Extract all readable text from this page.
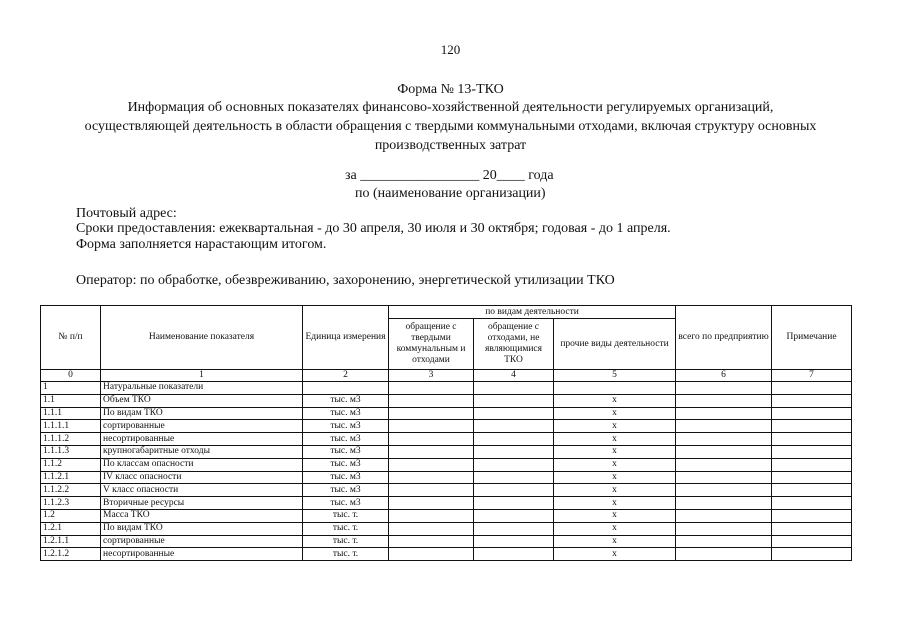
120
Форма № 13-ТКО
Информация об основных показателях финансово-хозяйственной деятельности регулируемых организаций,
осуществляющей деятельность в области обращения с твердыми коммунальными отходами, включая структуру основных
производственных затрат
за _________________ 20____ года
по (наименование организации)
Почтовый адрес:
Сроки предоставления: ежеквартальная - до 30 апреля, 30 июля и 30 октября; годовая - до 1 апреля.
Форма заполняется нарастающим итогом.
Оператор: по обработке, обезвреживанию, захоронению, энергетической утилизации ТКО
№ п/п	Наименование показателя	Единица измерения	по видам деятельности			всего по предприятию	Примечание
			обращение с твердыми коммунальным и отходами	обращение с отходами, не являющимися ТКО	прочие виды деятельности		
0	1	2	3	4	5	6	7
1	Натуральные показатели						
1.1	Объем ТКО	тыс. м3			x		
1.1.1	По видам ТКО	тыс. м3			x		
1.1.1.1	сортированные	тыс. м3			x		
1.1.1.2	несортированные	тыс. м3			x		
1.1.1.3	крупногабаритные отходы	тыс. м3			x		
1.1.2	По классам опасности	тыс. м3			x		
1.1.2.1	IV класс опасности	тыс. м3			x		
1.1.2.2	V класс опасности	тыс. м3			x		
1.1.2.3	Вторичные ресурсы	тыс. м3			x		
1.2	Масса ТКО	тыс. т.			x		
1.2.1	По видам ТКО	тыс. т.			x		
1.2.1.1	сортированные	тыс. т.			x		
1.2.1.2	несортированные	тыс. т.			x		
